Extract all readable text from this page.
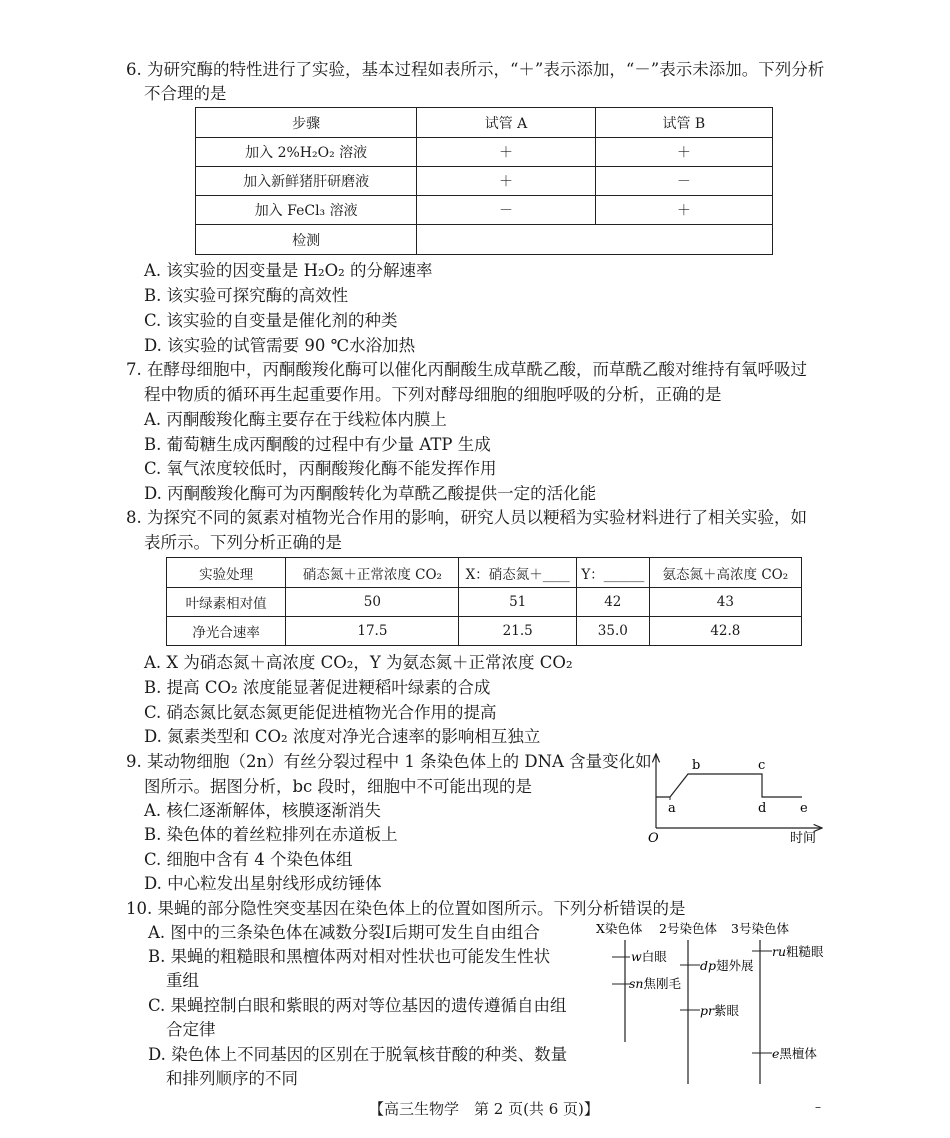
6. 为研究酶的特性进行了实验，基本过程如表所示，“＋”表示添加，“－”表示未添加。下列分析
不合理的是
步骤	试管 A	试管 B
加入 2%H₂O₂ 溶液	＋	＋
加入新鲜猪肝研磨液	＋	－
加入 FeCl₃ 溶液	－	＋
检测		
A. 该实验的因变量是 H₂O₂ 的分解速率
B. 该实验可探究酶的高效性
C. 该实验的自变量是催化剂的种类
D. 该实验的试管需要 90 ℃水浴加热
7. 在酵母细胞中，丙酮酸羧化酶可以催化丙酮酸生成草酰乙酸，而草酰乙酸对维持有氧呼吸过
程中物质的循环再生起重要作用。下列对酵母细胞的细胞呼吸的分析，正确的是
A. 丙酮酸羧化酶主要存在于线粒体内膜上
B. 葡萄糖生成丙酮酸的过程中有少量 ATP 生成
C. 氧气浓度较低时，丙酮酸羧化酶不能发挥作用
D. 丙酮酸羧化酶可为丙酮酸转化为草酰乙酸提供一定的活化能
8. 为探究不同的氮素对植物光合作用的影响，研究人员以粳稻为实验材料进行了相关实验，如
表所示。下列分析正确的是
实验处理	硝态氮＋正常浓度 CO₂	X：硝态氮＋____	Y：______	氨态氮＋高浓度 CO₂
叶绿素相对值	50	51	42	43
净光合速率	17.5	21.5	35.0	42.8
A. X 为硝态氮＋高浓度 CO₂，Y 为氨态氮＋正常浓度 CO₂
B. 提高 CO₂ 浓度能显著促进粳稻叶绿素的合成
C. 硝态氮比氨态氮更能促进植物光合作用的提高
D. 氮素类型和 CO₂ 浓度对净光合速率的影响相互独立
9. 某动物细胞（2n）有丝分裂过程中 1 条染色体上的 DNA 含量变化如
图所示。据图分析，bc 段时，细胞中不可能出现的是
A. 核仁逐渐解体，核膜逐渐消失
B. 染色体的着丝粒排列在赤道板上
C. 细胞中含有 4 个染色体组
D. 中心粒发出星射线形成纺锤体
a
b	c
d	e
O	时间
10. 果蝇的部分隐性突变基因在染色体上的位置如图所示。下列分析错误的是
A. 图中的三条染色体在减数分裂Ⅰ后期可发生自由组合
B. 果蝇的粗糙眼和黑檀体两对相对性状也可能发生性状
重组
C. 果蝇控制白眼和紫眼的两对等位基因的遗传遵循自由组
合定律
D. 染色体上不同基因的区别在于脱氧核苷酸的种类、数量
和排列顺序的不同
X染色体 2号染色体 3号染色体
w白眼
sn焦刚毛
dp翅外展
pr紫眼
ru粗糙眼
e黑檀体
【高三生物学　第 2 页(共 6 页)】	–
